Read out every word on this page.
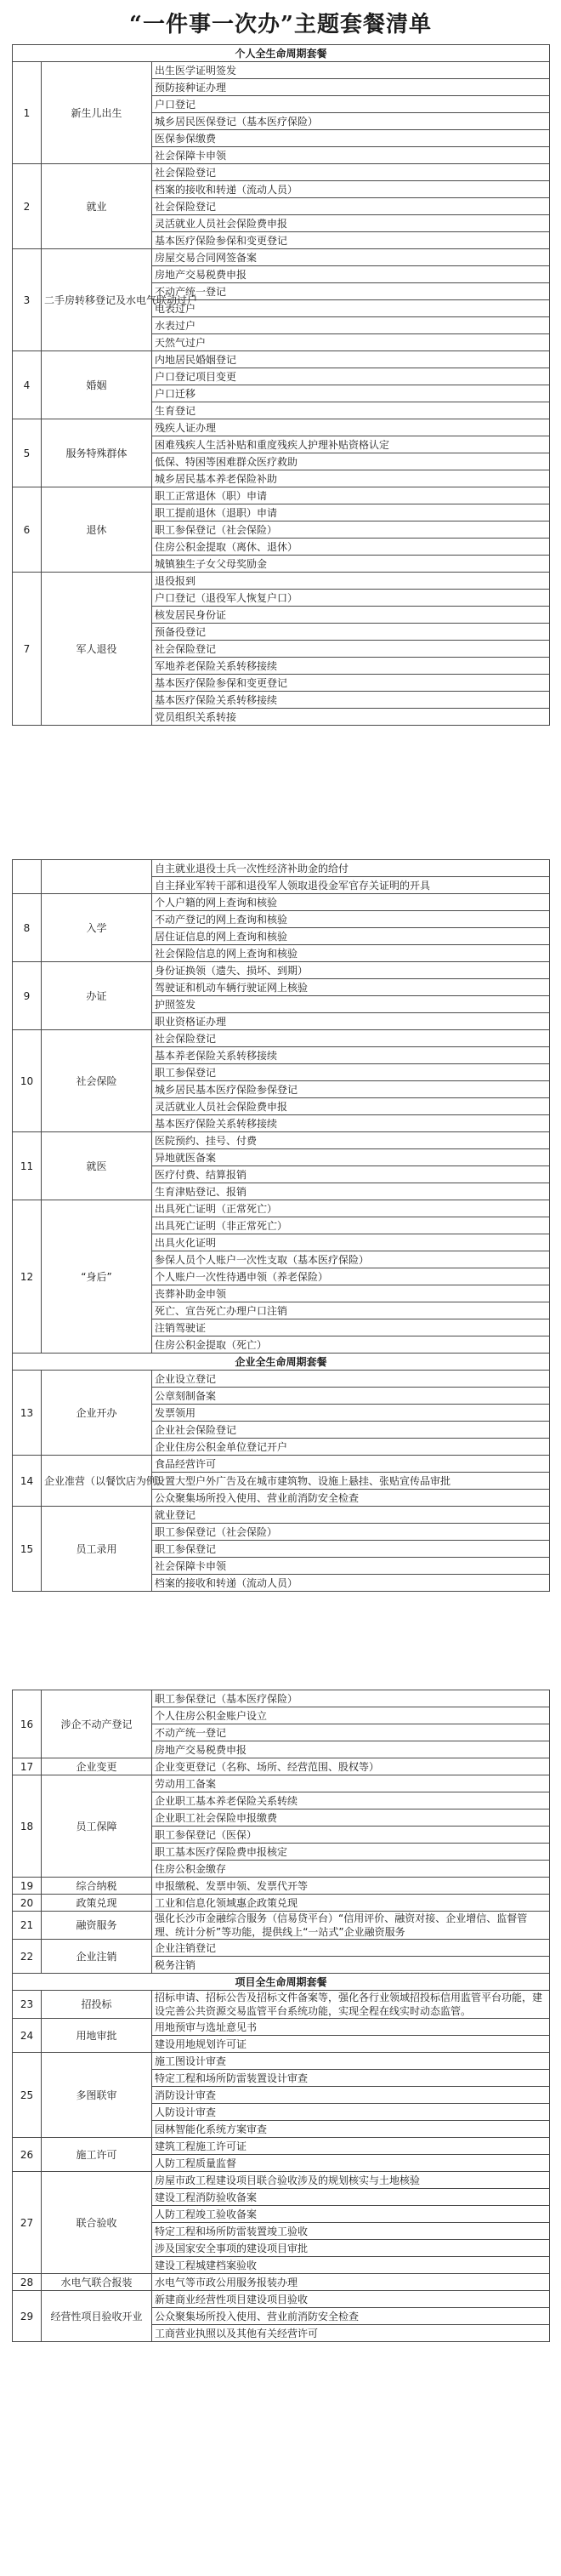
“一件事一次办”主题套餐清单
个人全生命周期套餐		
1	新生儿出生	出生医学证明签发
		预防接种证办理
		户口登记
		城乡居民医保登记（基本医疗保险）
		医保参保缴费
		社会保障卡申领
2	就业	社会保险登记
		档案的接收和转递（流动人员）
		社会保险登记
		灵活就业人员社会保险费申报
		基本医疗保险参保和变更登记
3	二手房转移登记及水电气联动过户	房屋交易合同网签备案
		房地产交易税费申报
		不动产统一登记
		电表过户
		水表过户
		天然气过户
4	婚姻	内地居民婚姻登记
		户口登记项目变更
		户口迁移
		生育登记
5	服务特殊群体	残疾人证办理
		困难残疾人生活补贴和重度残疾人护理补贴资格认定
		低保、特困等困难群众医疗救助
		城乡居民基本养老保险补助
6	退休	职工正常退休（职）申请
		职工提前退休（退职）申请
		职工参保登记（社会保险）
		住房公积金提取（离休、退休）
		城镇独生子女父母奖励金
7	军人退役	退役报到
		户口登记（退役军人恢复户口）
		核发居民身份证
		预备役登记
		社会保险登记
		军地养老保险关系转移接续
		基本医疗保险参保和变更登记
		基本医疗保险关系转移接续
		党员组织关系转接
		自主就业退役士兵一次性经济补助金的给付
		自主择业军转干部和退役军人领取退役金军官存关证明的开具
8	入学	个人户籍的网上查询和核验
		不动产登记的网上查询和核验
		居住证信息的网上查询和核验
		社会保险信息的网上查询和核验
9	办证	身份证换领（遗失、损坏、到期）
		驾驶证和机动车辆行驶证网上核验
		护照签发
		职业资格证办理
10	社会保险	社会保险登记
		基本养老保险关系转移接续
		职工参保登记
		城乡居民基本医疗保险参保登记
		灵活就业人员社会保险费申报
		基本医疗保险关系转移接续
11	就医	医院预约、挂号、付费
		异地就医备案
		医疗付费、结算报销
		生育津贴登记、报销
12	“身后”	出具死亡证明（正常死亡）
		出具死亡证明（非正常死亡）
		出具火化证明
		参保人员个人账户一次性支取（基本医疗保险）
		个人账户一次性待遇申领（养老保险）
		丧葬补助金申领
		死亡、宣告死亡办理户口注销
		注销驾驶证
		住房公积金提取（死亡）
企业全生命周期套餐		
13	企业开办	企业设立登记
		公章刻制备案
		发票领用
		企业社会保险登记
		企业住房公积金单位登记开户
14	企业准营（以餐饮店为例）	食品经营许可
		设置大型户外广告及在城市建筑物、设施上悬挂、张贴宣传品审批
		公众聚集场所投入使用、营业前消防安全检查
15	员工录用	就业登记
		职工参保登记（社会保险）
		职工参保登记
		社会保障卡申领
		档案的接收和转递（流动人员）
16	涉企不动产登记	职工参保登记（基本医疗保险）
		个人住房公积金账户设立
		不动产统一登记
		房地产交易税费申报
17	企业变更	企业变更登记（名称、场所、经营范围、股权等）
18	员工保障	劳动用工备案
		企业职工基本养老保险关系转续
		企业职工社会保险申报缴费
		职工参保登记（医保）
		职工基本医疗保险费申报核定
		住房公积金缴存
19	综合纳税	申报缴税、发票申领、发票代开等
20	政策兑现	工业和信息化领域惠企政策兑现
21	融资服务	强化长沙市金融综合服务（信易贷平台）“信用评价、融资对接、企业增信、监督管理、统计分析”等功能，提供线上“一站式”企业融资服务
22	企业注销	企业注销登记
		税务注销
项目全生命周期套餐		
23	招投标	招标申请、招标公告及招标文件备案等，强化各行业领域招投标信用监管平台功能，建设完善公共资源交易监管平台系统功能，实现全程在线实时动态监管。
24	用地审批	用地预审与选址意见书
		建设用地规划许可证
25	多图联审	施工图设计审查
		特定工程和场所防雷装置设计审查
		消防设计审查
		人防设计审查
		园林智能化系统方案审查
26	施工许可	建筑工程施工许可证
		人防工程质量监督
27	联合验收	房屋市政工程建设项目联合验收涉及的规划核实与土地核验
		建设工程消防验收备案
		人防工程竣工验收备案
		特定工程和场所防雷装置竣工验收
		涉及国家安全事项的建设项目审批
		建设工程城建档案验收
28	水电气联合报装	水电气等市政公用服务报装办理
29	经营性项目验收开业	新建商业经营性项目建设项目验收
		公众聚集场所投入使用、营业前消防安全检查
		工商营业执照以及其他有关经营许可
